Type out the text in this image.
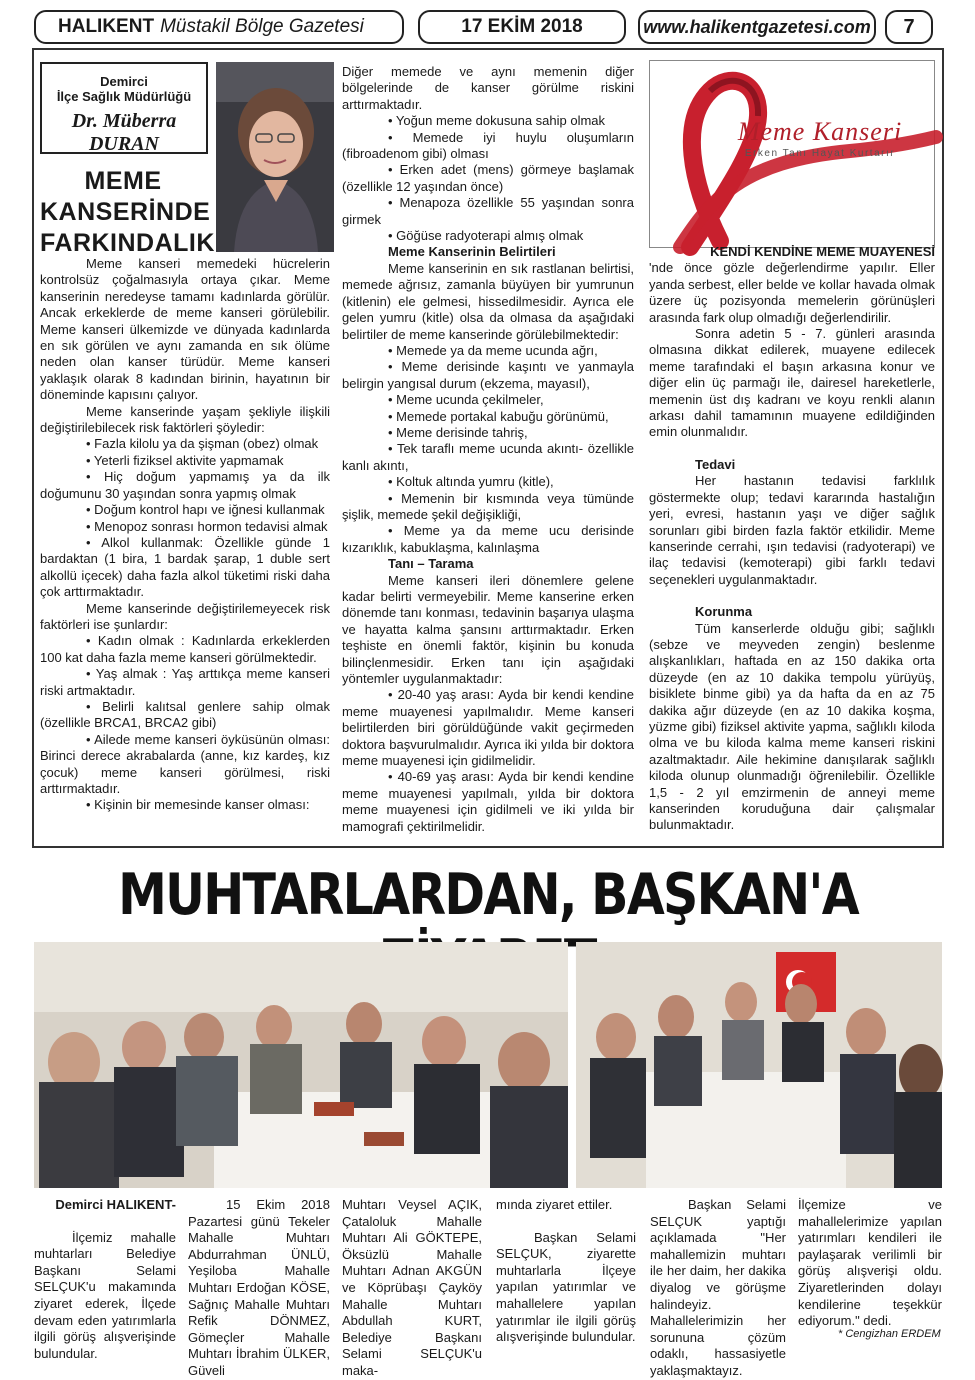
HALIKENT Müstakil Bölge Gazetesi	17 EKİM 2018	www.halikentgazetesi.com	7
Demirci
İlçe Sağlık Müdürlüğü
Dr. Müberra DURAN
MEME
KANSERİNDE
FARKINDALIK

Meme kanseri memedeki hücrelerin kontrolsüz çoğalmasıyla ortaya çıkar. Meme kanserinin neredeyse tamamı kadınlarda görülür. Ancak erkeklerde de meme kanseri görülebilir. Meme kanseri ülkemizde ve dünyada kadınlarda en sık görülen ve aynı zamanda en sık ölüme neden olan kanser türüdür. Meme kanseri yaklaşık olarak 8 kadından birinin, hayatının bir döneminde kapısını çalıyor.

Meme kanserinde yaşam şekliyle ilişkili değiştirilebilecek risk faktörleri şöyledir:

• Fazla kilolu ya da şişman (obez) olmak

• Yeterli fiziksel aktivite yapmamak

• Hiç doğum yapmamış ya da ilk doğumunu 30 yaşından sonra yapmış olmak

• Doğum kontrol hapı ve iğnesi kullanmak

• Menopoz sonrası hormon tedavisi almak

• Alkol kullanmak: Özellikle günde 1 bardaktan (1 bira, 1 bardak şarap, 1 duble sert alkollü içecek) daha fazla alkol tüketimi riski daha çok arttırmaktadır.

Meme kanserinde değiştirilemeyecek risk faktörleri ise şunlardır:

• Kadın olmak : Kadınlarda erkeklerden 100 kat daha fazla meme kanseri görülmektedir.

• Yaş almak : Yaş arttıkça meme kanseri riski artmaktadır.

• Belirli kalıtsal genlere sahip olmak (özellikle BRCA1, BRCA2 gibi)

• Ailede meme kanseri öyküsünün olması: Birinci derece akrabalarda (anne, kız kardeş, kız çocuk) meme kanseri görülmesi, riski arttırmaktadır.

• Kişinin bir memesinde kanser olması:

Diğer memede ve aynı memenin diğer bölgelerinde de kanser görülme riskini arttırmaktadır.

• Yoğun meme dokusuna sahip olmak

• Memede iyi huylu oluşumların (fibroadenom gibi) olması

• Erken adet (mens) görmeye başlamak (özellikle 12 yaşından önce)

• Menapoza özellikle 55 yaşından sonra girmek

• Göğüse radyoterapi almış olmak

Meme Kanserinin Belirtileri

Meme kanserinin en sık rastlanan belirtisi, memede ağrısız, zamanla büyüyen bir yumrunun (kitlenin) ele gelmesi, hissedilmesidir. Ayrıca ele gelen yumru (kitle) olsa da olmasa da aşağıdaki belirtiler de meme kanserinde görülebilmektedir:

• Memede ya da meme ucunda ağrı,

• Meme derisinde kaşıntı ve yanmayla belirgin yangısal durum (ekzema, mayasıl),

• Meme ucunda çekilmeler,

• Memede portakal kabuğu görünümü,

• Meme derisinde tahriş,

• Tek taraflı meme ucunda akıntı- özellikle kanlı akıntı,

• Koltuk altında yumru (kitle),

• Memenin bir kısmında veya tümünde şişlik, memede şekil değişikliği,

• Meme ya da meme ucu derisinde kızarıklık, kabuklaşma, kalınlaşma

Tanı – Tarama

Meme kanseri ileri dönemlere gelene kadar belirti vermeyebilir. Meme kanserine erken dönemde tanı konması, tedavinin başarıya ulaşma ve hayatta kalma şansını arttırmaktadır. Erken teşhiste en önemli faktör, kişinin bu konuda bilinçlenmesidir. Erken tanı için aşağıdaki yöntemler uygulanmaktadır:

• 20-40 yaş arası: Ayda bir kendi kendine meme muayenesi yapılmalıdır. Meme kanseri belirtilerden biri görüldüğünde vakit geçirmeden doktora başvurulmalıdır. Ayrıca iki yılda bir doktora meme muayenesi için gidilmelidir.

• 40-69 yaş arası: Ayda bir kendi kendine meme muayenesi yapılmalı, yılda bir doktora meme muayenesi için gidilmeli ve iki yılda bir mamografi çektirilmelidir.

Meme Kanseri
Erken Tanı Hayat Kurtarır

KENDİ KENDİNE MEME MUAYENESİ

'nde önce gözle değerlendirme yapılır. Eller yanda serbest, eller belde ve kollar havada olmak üzere üç pozisyonda memelerin görünüşleri arasında fark olup olmadığı değerlendirilir.

Sonra adetin 5 - 7. günleri arasında olmasına dikkat edilerek, muayene edilecek meme tarafındaki el başın arkasına konur ve diğer elin üç parmağı ile, dairesel hareketlerle, memenin üst dış kadranı ve koyu renkli alanın arkası dahil tamamının muayene edildiğinden emin olunmalıdır.

Tedavi

Her hastanın tedavisi farklılık göstermekte olup; tedavi kararında hastalığın yeri, evresi, hastanın yaşı ve diğer sağlık sorunları gibi birden fazla faktör etkilidir. Meme kanserinde cerrahi, ışın tedavisi (radyoterapi) ve ilaç tedavisi (kemoterapi) gibi farklı tedavi seçenekleri uygulanmaktadır.

Korunma

Tüm kanserlerde olduğu gibi; sağlıklı (sebze ve meyveden zengin) beslenme alışkanlıkları, haftada en az 150 dakika orta düzeyde (en az 10 dakika tempolu yürüyüş, bisiklete binme gibi) ya da hafta da en az 75 dakika ağır düzeyde (en az 10 dakika koşma, yüzme gibi) fiziksel aktivite yapma, sağlıklı kiloda olma ve bu kiloda kalma meme kanseri riskini azaltmaktadır. Aile hekimine danışılarak sağlıklı kiloda olunup olunmadığı öğrenilebilir. Özellikle 1,5 - 2 yıl emzirmenin de anneyi meme kanserinden koruduğuna dair çalışmalar bulunmaktadır.

MUHTARLARDAN, BAŞKAN'A

Demirci HALIKENT-

İlçemiz mahalle muhtarları Belediye Başkanı Selami SELÇUK'u makamında ziyaret ederek, İlçede devam eden yatırımlarla ilgili görüş alışverişinde bulundular.

15 Ekim 2018 Pazartesi günü Tekeler Mahalle Muhtarı Abdurrahman ÜNLÜ, Yeşiloba Mahalle Muhtarı Erdoğan KÖSE, Sağnıç Mahalle Muhtarı Refik DÖNMEZ, Gömeçler Mahalle Muhtarı İbrahim ÜLKER, Güveli

Muhtarı Veysel AÇIK, Çataloluk Mahalle Muhtarı Ali GÖKTEPE, Öksüzlü Mahalle Muhtarı Adnan AKGÜN ve Köprübaşı Çayköy Mahalle Muhtarı Abdullah KURT, Belediye Başkanı Selami SELÇUK'u maka-

mında ziyaret ettiler.

Başkan Selami SELÇUK, ziyarette muhtarlarla İlçeye yapılan yatırımlar ve mahallelere yapılan yatırımlar ile ilgili görüş alışverişinde bulundular.

Başkan Selami SELÇUK yaptığı açıklamada "Her mahallemizin muhtarı ile her daim, her dakika diyalog ve görüşme halindeyiz. Mahallelerimizin her sorununa çözüm odaklı, hassasiyetle yaklaşmaktayız.

İlçemize ve mahallelerimize yapılan yatırımları kendileri ile paylaşarak verilimli bir görüş alışverişi oldu. Ziyaretlerinden dolayı kendilerine teşekkür ediyorum." dedi.

* Cengizhan ERDEM
